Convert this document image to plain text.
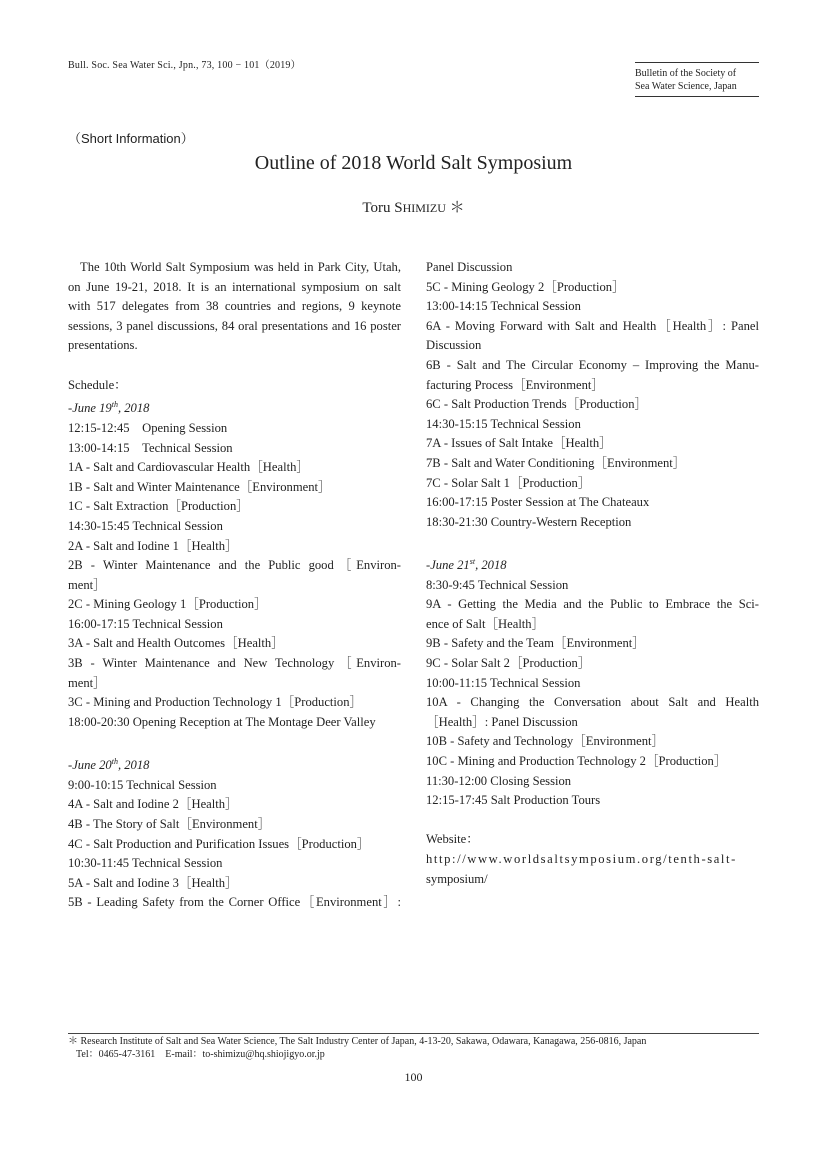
Bull. Soc. Sea Water Sci., Jpn., 73, 100 − 101（2019）
Bulletin of the Society of
Sea Water Science, Japan
（Short Information）
Outline of 2018 World Salt Symposium
Toru SHIMIZU ＊
The 10th World Salt Symposium was held in Park City, Utah, on June 19-21, 2018. It is an international symposium on salt with 517 delegates from 38 countries and regions, 9 keynote sessions, 3 panel discussions, 84 oral presentations and 16 poster presentations.
Schedule：
-June 19th, 2018
12:15-12:45　Opening Session
13:00-14:15　Technical Session
1A - Salt and Cardiovascular Health［Health］
1B - Salt and Winter Maintenance［Environment］
1C - Salt Extraction［Production］
14:30-15:45 Technical Session
2A - Salt and Iodine 1［Health］
2B - Winter Maintenance and the Public good［Environ-
ment］
2C - Mining Geology 1［Production］
16:00-17:15 Technical Session
3A - Salt and Health Outcomes［Health］
3B - Winter Maintenance and New Technology［Environ-
ment］
3C - Mining and Production Technology 1［Production］
18:00-20:30 Opening Reception at The Montage Deer Valley
-June 20th, 2018
9:00-10:15 Technical Session
4A - Salt and Iodine 2［Health］
4B - The Story of Salt［Environment］
4C - Salt Production and Purification Issues［Production］
10:30-11:45 Technical Session
5A - Salt and Iodine 3［Health］
5B - Leading Safety from the Corner Office［Environment］:
Panel Discussion
5C - Mining Geology 2［Production］
13:00-14:15 Technical Session
6A - Moving Forward with Salt and Health［Health］: Panel
Discussion
6B - Salt and The Circular Economy – Improving the Manu-
facturing Process［Environment］
6C - Salt Production Trends［Production］
14:30-15:15 Technical Session
7A - Issues of Salt Intake［Health］
7B - Salt and Water Conditioning［Environment］
7C - Solar Salt 1［Production］
16:00-17:15 Poster Session at The Chateaux
18:30-21:30 Country-Western Reception
-June 21st, 2018
8:30-9:45 Technical Session
9A - Getting the Media and the Public to Embrace the Sci-
ence of Salt［Health］
9B - Safety and the Team［Environment］
9C - Solar Salt 2［Production］
10:00-11:15 Technical Session
10A - Changing the Conversation about Salt and Health
［Health］: Panel Discussion
10B - Safety and Technology［Environment］
10C - Mining and Production Technology 2［Production］
11:30-12:00 Closing Session
12:15-17:45 Salt Production Tours
Website：
http://www.worldsaltsymposium.org/tenth-salt-
symposium/
＊ Research Institute of Salt and Sea Water Science, The Salt Industry Center of Japan, 4-13-20, Sakawa, Odawara, Kanagawa, 256-0816, Japan
Tel：0465-47-3161　E-mail：to-shimizu@hq.shiojigyo.or.jp
100
